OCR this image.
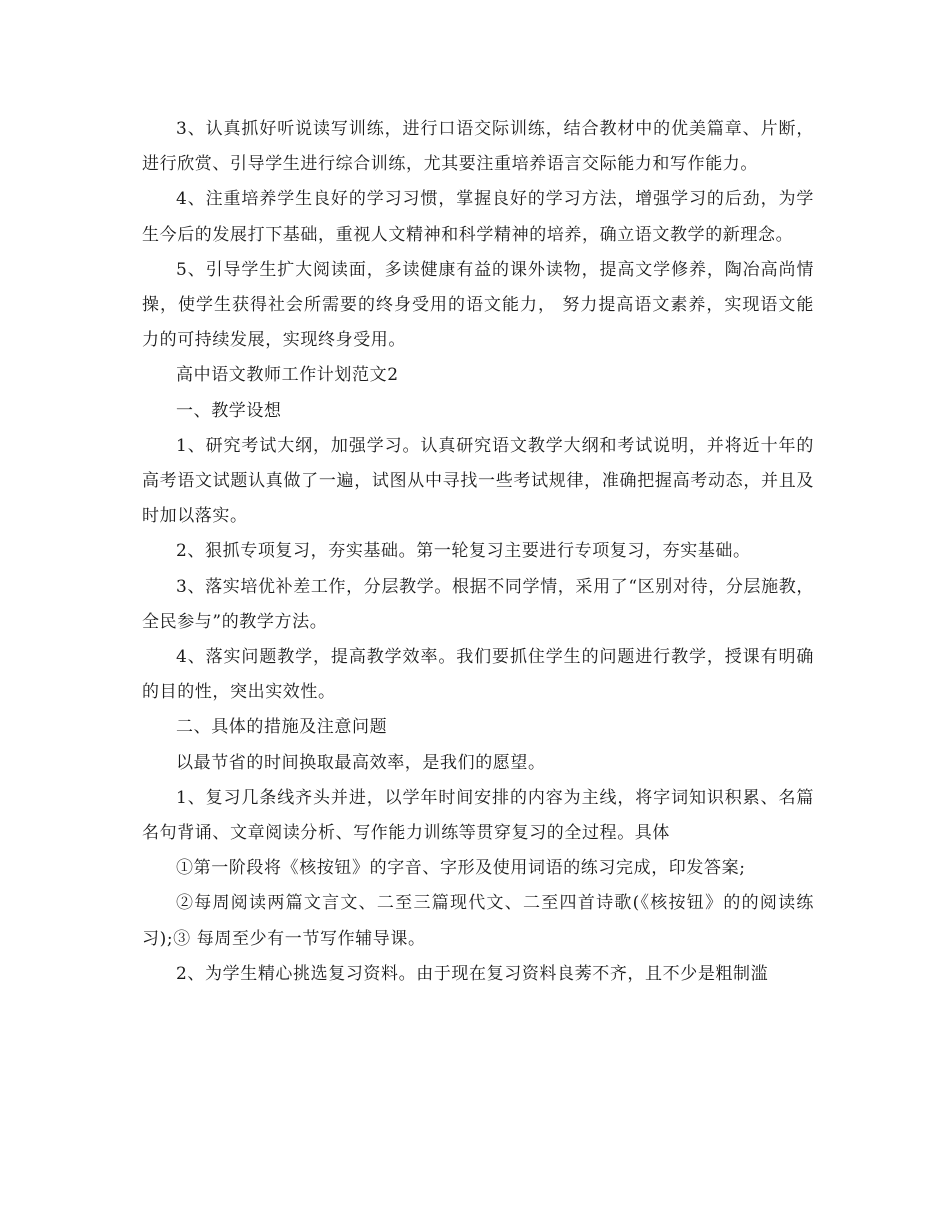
3、认真抓好听说读写训练，进行口语交际训练，结合教材中的优美篇章、片断，进行欣赏、引导学生进行综合训练，尤其要注重培养语言交际能力和写作能力。

4、注重培养学生良好的学习习惯，掌握良好的学习方法，增强学习的后劲，为学生今后的发展打下基础，重视人文精神和科学精神的培养，确立语文教学的新理念。

5、引导学生扩大阅读面，多读健康有益的课外读物，提高文学修养，陶冶高尚情操，使学生获得社会所需要的终身受用的语文能力， 努力提高语文素养，实现语文能力的可持续发展，实现终身受用。

高中语文教师工作计划范文2

一、教学设想

1、研究考试大纲，加强学习。认真研究语文教学大纲和考试说明，并将近十年的高考语文试题认真做了一遍，试图从中寻找一些考试规律，准确把握高考动态，并且及时加以落实。

2、狠抓专项复习，夯实基础。第一轮复习主要进行专项复习，夯实基础。

3、落实培优补差工作，分层教学。根据不同学情，采用了“区别对待，分层施教，全民参与”的教学方法。

4、落实问题教学，提高教学效率。我们要抓住学生的问题进行教学，授课有明确的目的性，突出实效性。

二、具体的措施及注意问题

以最节省的时间换取最高效率，是我们的愿望。

1、复习几条线齐头并进，以学年时间安排的内容为主线，将字词知识积累、名篇名句背诵、文章阅读分析、写作能力训练等贯穿复习的全过程。具体

①第一阶段将《核按钮》的字音、字形及使用词语的练习完成，印发答案;

②每周阅读两篇文言文、二至三篇现代文、二至四首诗歌(《核按钮》的的阅读练习);③ 每周至少有一节写作辅导课。

2、为学生精心挑选复习资料。由于现在复习资料良莠不齐，且不少是粗制滥
